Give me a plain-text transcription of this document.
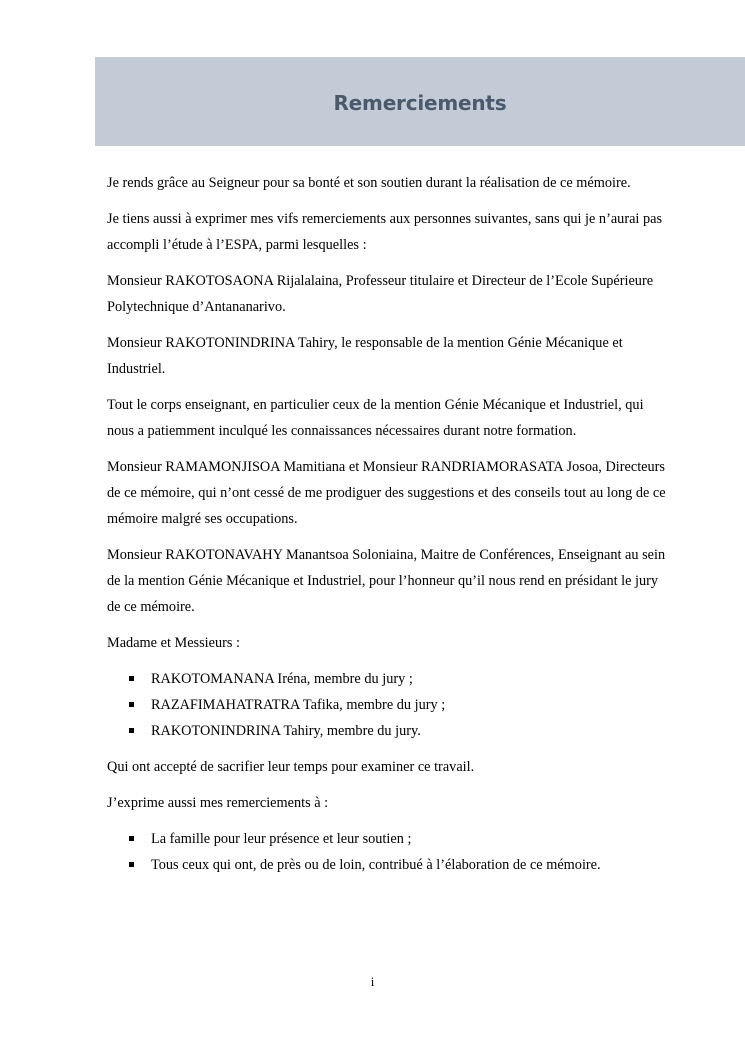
Remerciements

Je rends grâce au Seigneur pour sa bonté et son soutien durant la réalisation de ce mémoire.

Je tiens aussi à exprimer mes vifs remerciements aux personnes suivantes, sans qui je n’aurai pas accompli l’étude à l’ESPA, parmi lesquelles :

Monsieur RAKOTOSAONA Rijalalaina, Professeur titulaire et Directeur de l’Ecole Supérieure Polytechnique d’Antananarivo.

Monsieur RAKOTONINDRINA Tahiry, le responsable de la mention Génie Mécanique et Industriel.

Tout le corps enseignant, en particulier ceux de la mention Génie Mécanique et Industriel, qui nous a patiemment inculqué les connaissances nécessaires durant notre formation.

Monsieur RAMAMONJISOA Mamitiana et Monsieur RANDRIAMORASATA Josoa, Directeurs de ce mémoire, qui n’ont cessé de me prodiguer des suggestions et des conseils tout au long de ce mémoire malgré ses occupations.

Monsieur RAKOTONAVAHY Manantsoa Soloniaina, Maitre de Conférences, Enseignant au sein de la mention Génie Mécanique et Industriel, pour l’honneur qu’il nous rend en présidant le jury de ce mémoire.

Madame et Messieurs :

RAKOTOMANANA Iréna, membre du jury ;
RAZAFIMAHATRATRA Tafika, membre du jury ;
RAKOTONINDRINA Tahiry, membre du jury.

Qui ont accepté de sacrifier leur temps pour examiner ce travail.

J’exprime aussi mes remerciements à :

La famille pour leur présence et leur soutien ;
Tous ceux qui ont, de près ou de loin, contribué à l’élaboration de ce mémoire.
i
